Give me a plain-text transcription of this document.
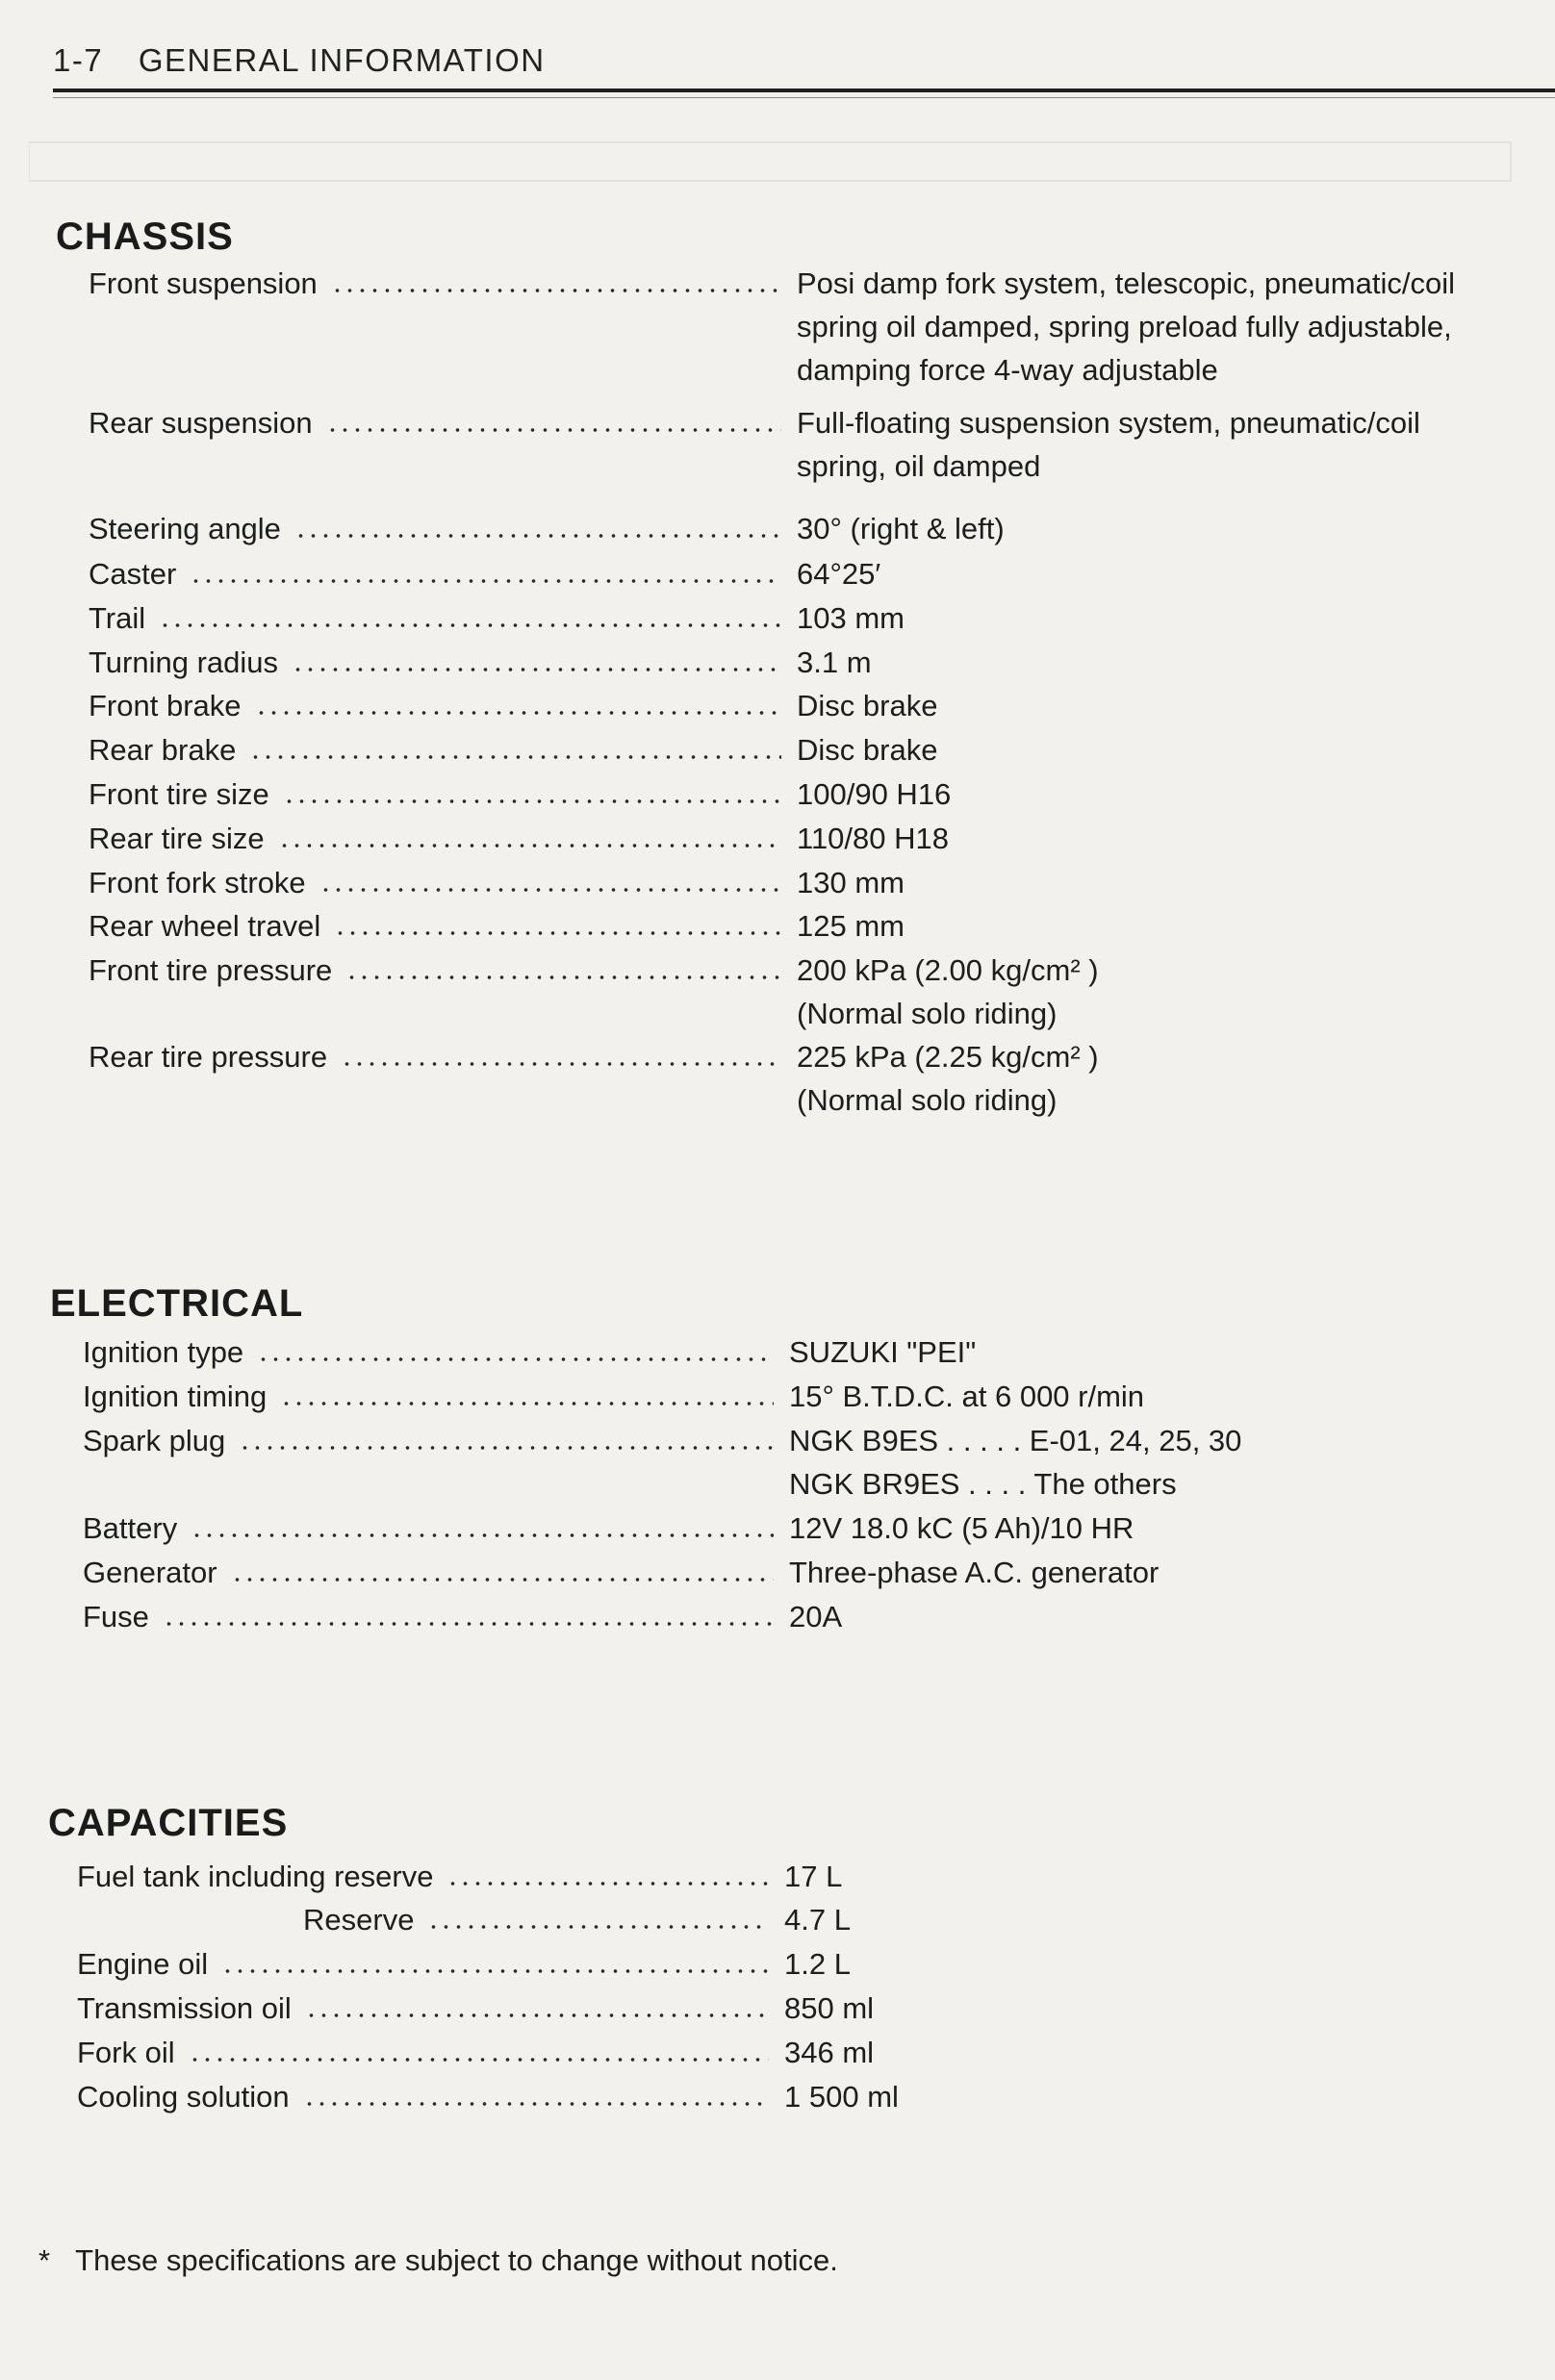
1-7 GENERAL INFORMATION
CHASSIS
Front suspension	Posi damp fork system, telescopic, pneumatic/coil
spring oil damped, spring preload fully adjustable,
damping force 4-way adjustable
Rear suspension	Full-floating suspension system, pneumatic/coil
spring, oil damped
Steering angle	30° (right & left)
Caster	64°25′
Trail	103 mm
Turning radius	3.1 m
Front brake	Disc brake
Rear brake	Disc brake
Front tire size	100/90 H16
Rear tire size	110/80 H18
Front fork stroke	130 mm
Rear wheel travel	125 mm
Front tire pressure	200 kPa (2.00 kg/cm² )
(Normal solo riding)
Rear tire pressure	225 kPa (2.25 kg/cm² )
(Normal solo riding)
ELECTRICAL
Ignition type	SUZUKI "PEI"
Ignition timing	15° B.T.D.C. at 6 000 r/min
Spark plug	NGK B9ES . . . . . E-01, 24, 25, 30
NGK BR9ES . . . . The others
Battery	12V 18.0 kC (5 Ah)/10 HR
Generator	Three-phase A.C. generator
Fuse	20A
CAPACITIES
Fuel tank including reserve	17 L
Reserve	4.7 L
Engine oil	1.2 L
Transmission oil	850 ml
Fork oil	346 ml
Cooling solution	1 500 ml
* These specifications are subject to change without notice.
